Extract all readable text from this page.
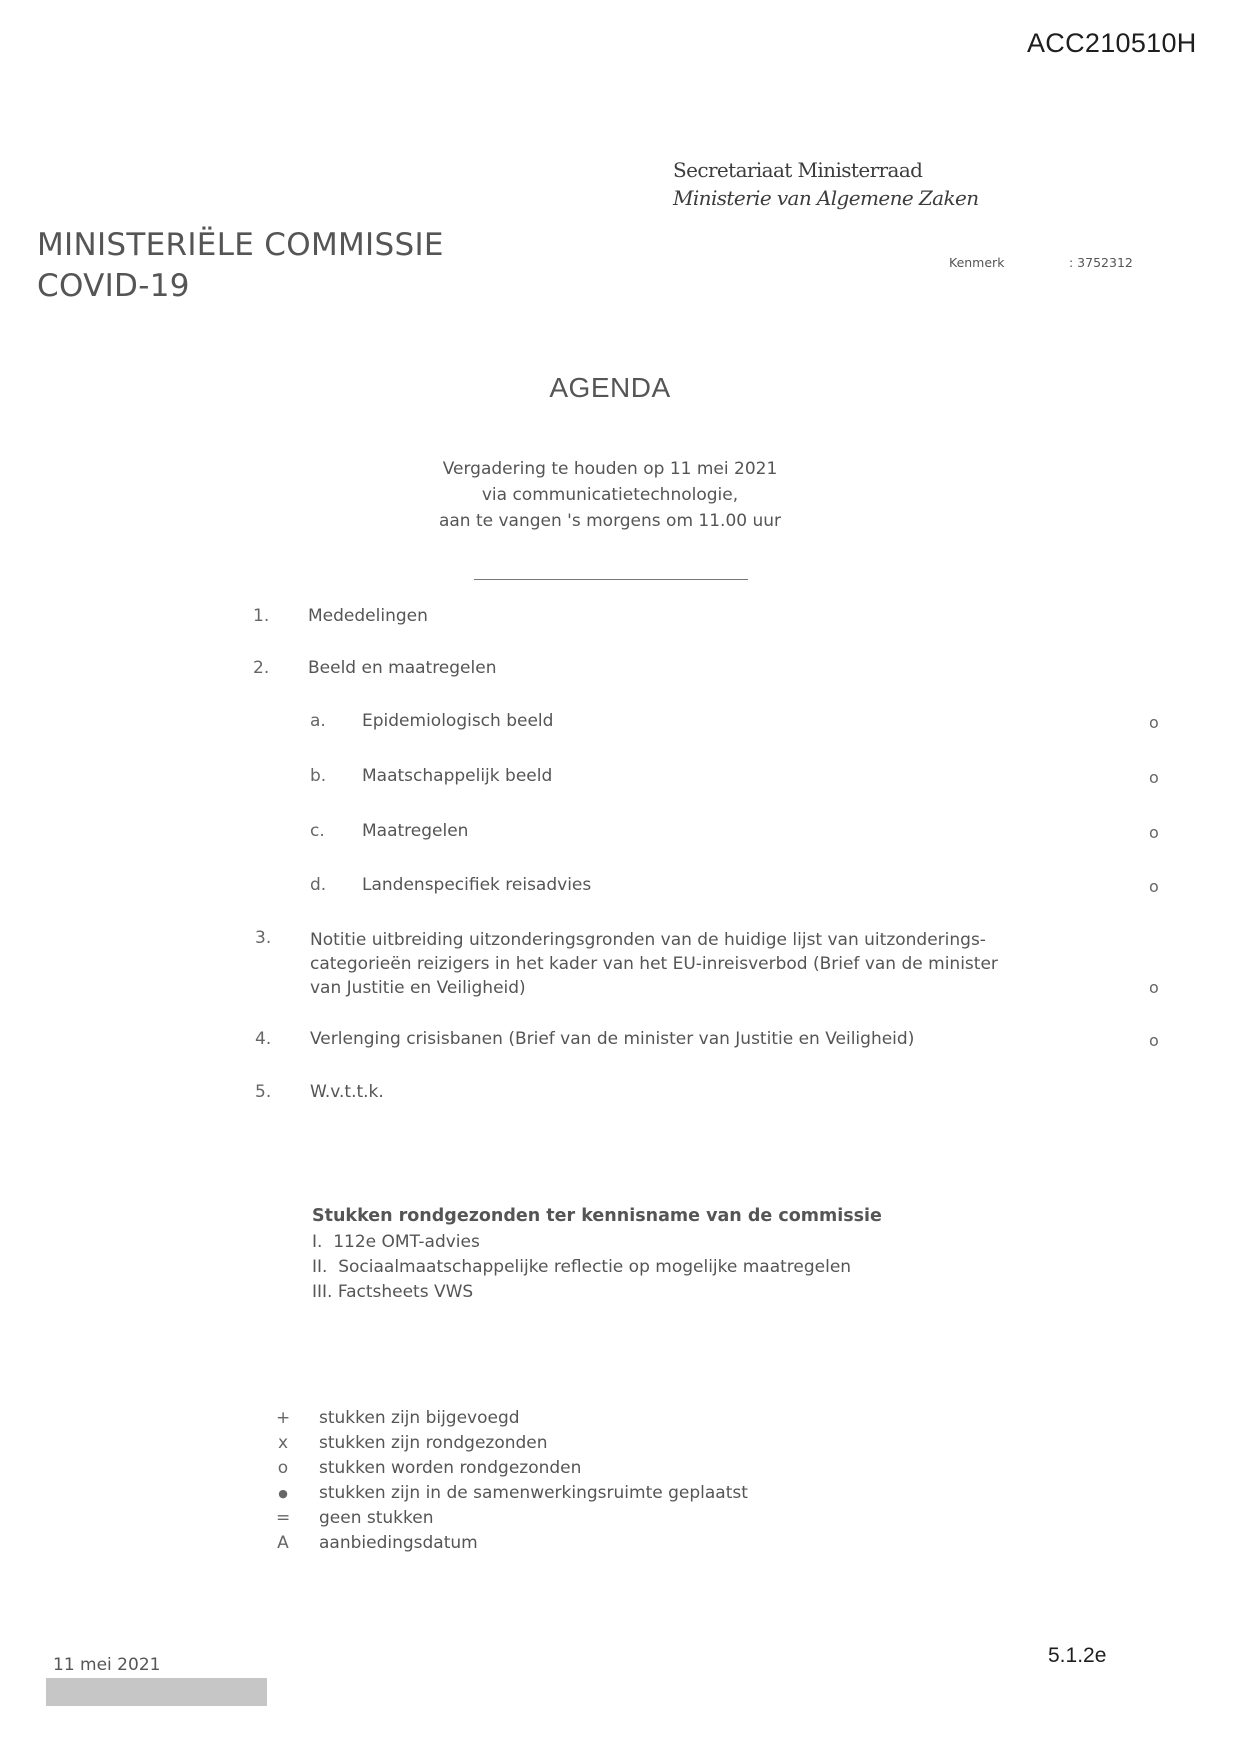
ACC210510H
Secretariaat Ministerraad
Ministerie van Algemene Zaken
MINISTERIËLE COMMISSIE
COVID-19
Kenmerk	: 3752312
AGENDA
Vergadering te houden op 11 mei 2021
via communicatietechnologie,
aan te vangen 's morgens om 11.00 uur
1. Mededelingen
2. Beeld en maatregelen
a. Epidemiologisch beeld	o
b. Maatschappelijk beeld	o
c. Maatregelen	o
d. Landenspecifiek reisadvies	o
3. Notitie uitbreiding uitzonderingsgronden van de huidige lijst van uitzonderings-
categorieën reizigers in het kader van het EU-inreisverbod (Brief van de minister
van Justitie en Veiligheid)	o
4. Verlenging crisisbanen (Brief van de minister van Justitie en Veiligheid)	o
5. W.v.t.t.k.
Stukken rondgezonden ter kennisname van de commissie
I.  112e OMT-advies
II.  Sociaalmaatschappelijke reflectie op mogelijke maatregelen
III. Factsheets VWS
+ stukken zijn bijgevoegd
x stukken zijn rondgezonden
o stukken worden rondgezonden
● stukken zijn in de samenwerkingsruimte geplaatst
= geen stukken
A aanbiedingsdatum
11 mei 2021	5.1.2e
